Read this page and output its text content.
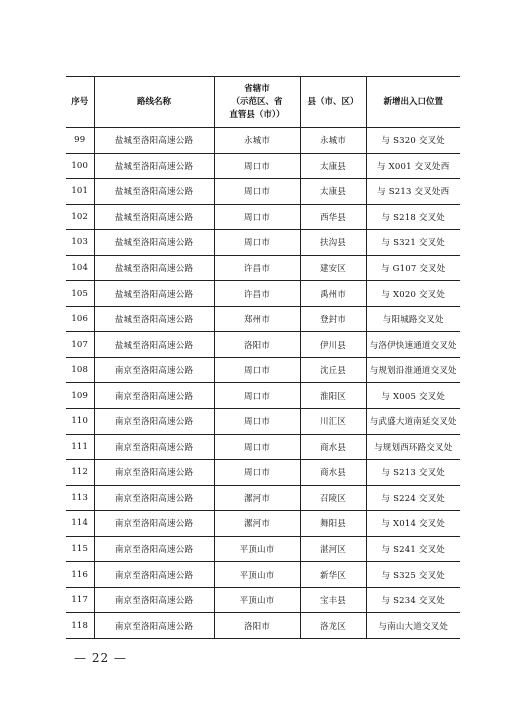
序号	路线名称	省辖市
（示范区、省
直管县（市））	县（市、区）	新增出入口位置
99	盐城至洛阳高速公路	永城市	永城市	与 S320 交叉处
100	盐城至洛阳高速公路	周口市	太康县	与 X001 交叉处西
101	盐城至洛阳高速公路	周口市	太康县	与 S213 交叉处西
102	盐城至洛阳高速公路	周口市	西华县	与 S218 交叉处
103	盐城至洛阳高速公路	周口市	扶沟县	与 S321 交叉处
104	盐城至洛阳高速公路	许昌市	建安区	与 G107 交叉处
105	盐城至洛阳高速公路	许昌市	禹州市	与 X020 交叉处
106	盐城至洛阳高速公路	郑州市	登封市	与阳城路交叉处
107	盐城至洛阳高速公路	洛阳市	伊川县	与洛伊快速通道交叉处
108	南京至洛阳高速公路	周口市	沈丘县	与规划沿淮通道交叉处
109	南京至洛阳高速公路	周口市	淮阳区	与 X005 交叉处
110	南京至洛阳高速公路	周口市	川汇区	与武盛大道南延交叉处
111	南京至洛阳高速公路	周口市	商水县	与规划西环路交叉处
112	南京至洛阳高速公路	周口市	商水县	与 S213 交叉处
113	南京至洛阳高速公路	漯河市	召陵区	与 S224 交叉处
114	南京至洛阳高速公路	漯河市	舞阳县	与 X014 交叉处
115	南京至洛阳高速公路	平顶山市	湛河区	与 S241 交叉处
116	南京至洛阳高速公路	平顶山市	新华区	与 S325 交叉处
117	南京至洛阳高速公路	平顶山市	宝丰县	与 S234 交叉处
118	南京至洛阳高速公路	洛阳市	洛龙区	与南山大道交叉处
— 22 —
